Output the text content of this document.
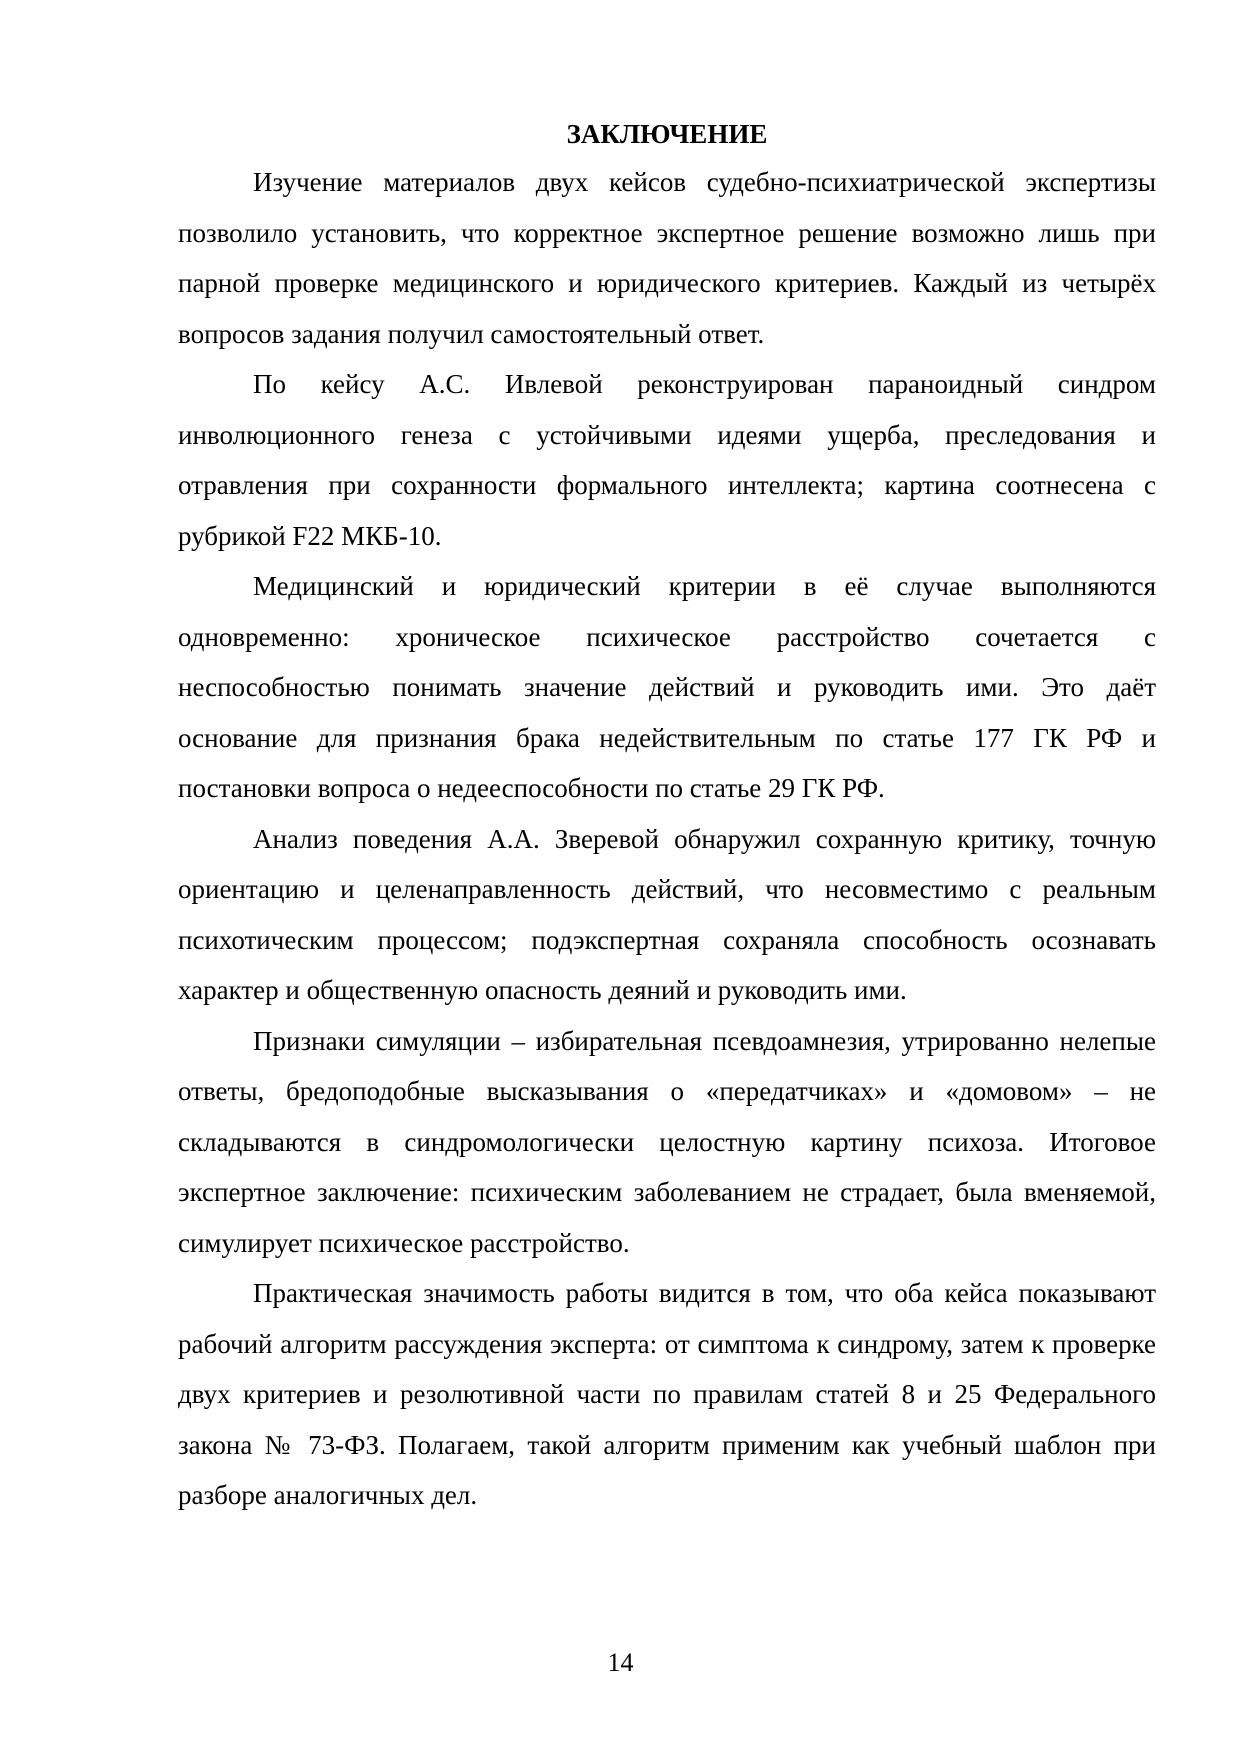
ЗАКЛЮЧЕНИЕ

Изучение материалов двух кейсов судебно-психиатрической экспертизы позволило установить, что корректное экспертное решение возможно лишь при парной проверке медицинского и юридического критериев. Каждый из четырёх вопросов задания получил самостоятельный ответ.

По кейсу А.С. Ивлевой реконструирован параноидный синдром инволюционного генеза с устойчивыми идеями ущерба, преследования и отравления при сохранности формального интеллекта; картина соотнесена с рубрикой F22 МКБ-10.

Медицинский и юридический критерии в её случае выполняются одновременно: хроническое психическое расстройство сочетается с неспособностью понимать значение действий и руководить ими. Это даёт основание для признания брака недействительным по статье 177 ГК РФ и постановки вопроса о недееспособности по статье 29 ГК РФ.

Анализ поведения А.А. Зверевой обнаружил сохранную критику, точную ориентацию и целенаправленность действий, что несовместимо с реальным психотическим процессом; подэкспертная сохраняла способность осознавать характер и общественную опасность деяний и руководить ими.

Признаки симуляции – избирательная псевдоамнезия, утрированно нелепые ответы, бредоподобные высказывания о «передатчиках» и «домовом» – не складываются в синдромологически целостную картину психоза. Итоговое экспертное заключение: психическим заболеванием не страдает, была вменяемой, симулирует психическое расстройство.

Практическая значимость работы видится в том, что оба кейса показывают рабочий алгоритм рассуждения эксперта: от симптома к синдрому, затем к проверке двух критериев и резолютивной части по правилам статей 8 и 25 Федерального закона № 73-ФЗ. Полагаем, такой алгоритм применим как учебный шаблон при разборе аналогичных дел.

14
